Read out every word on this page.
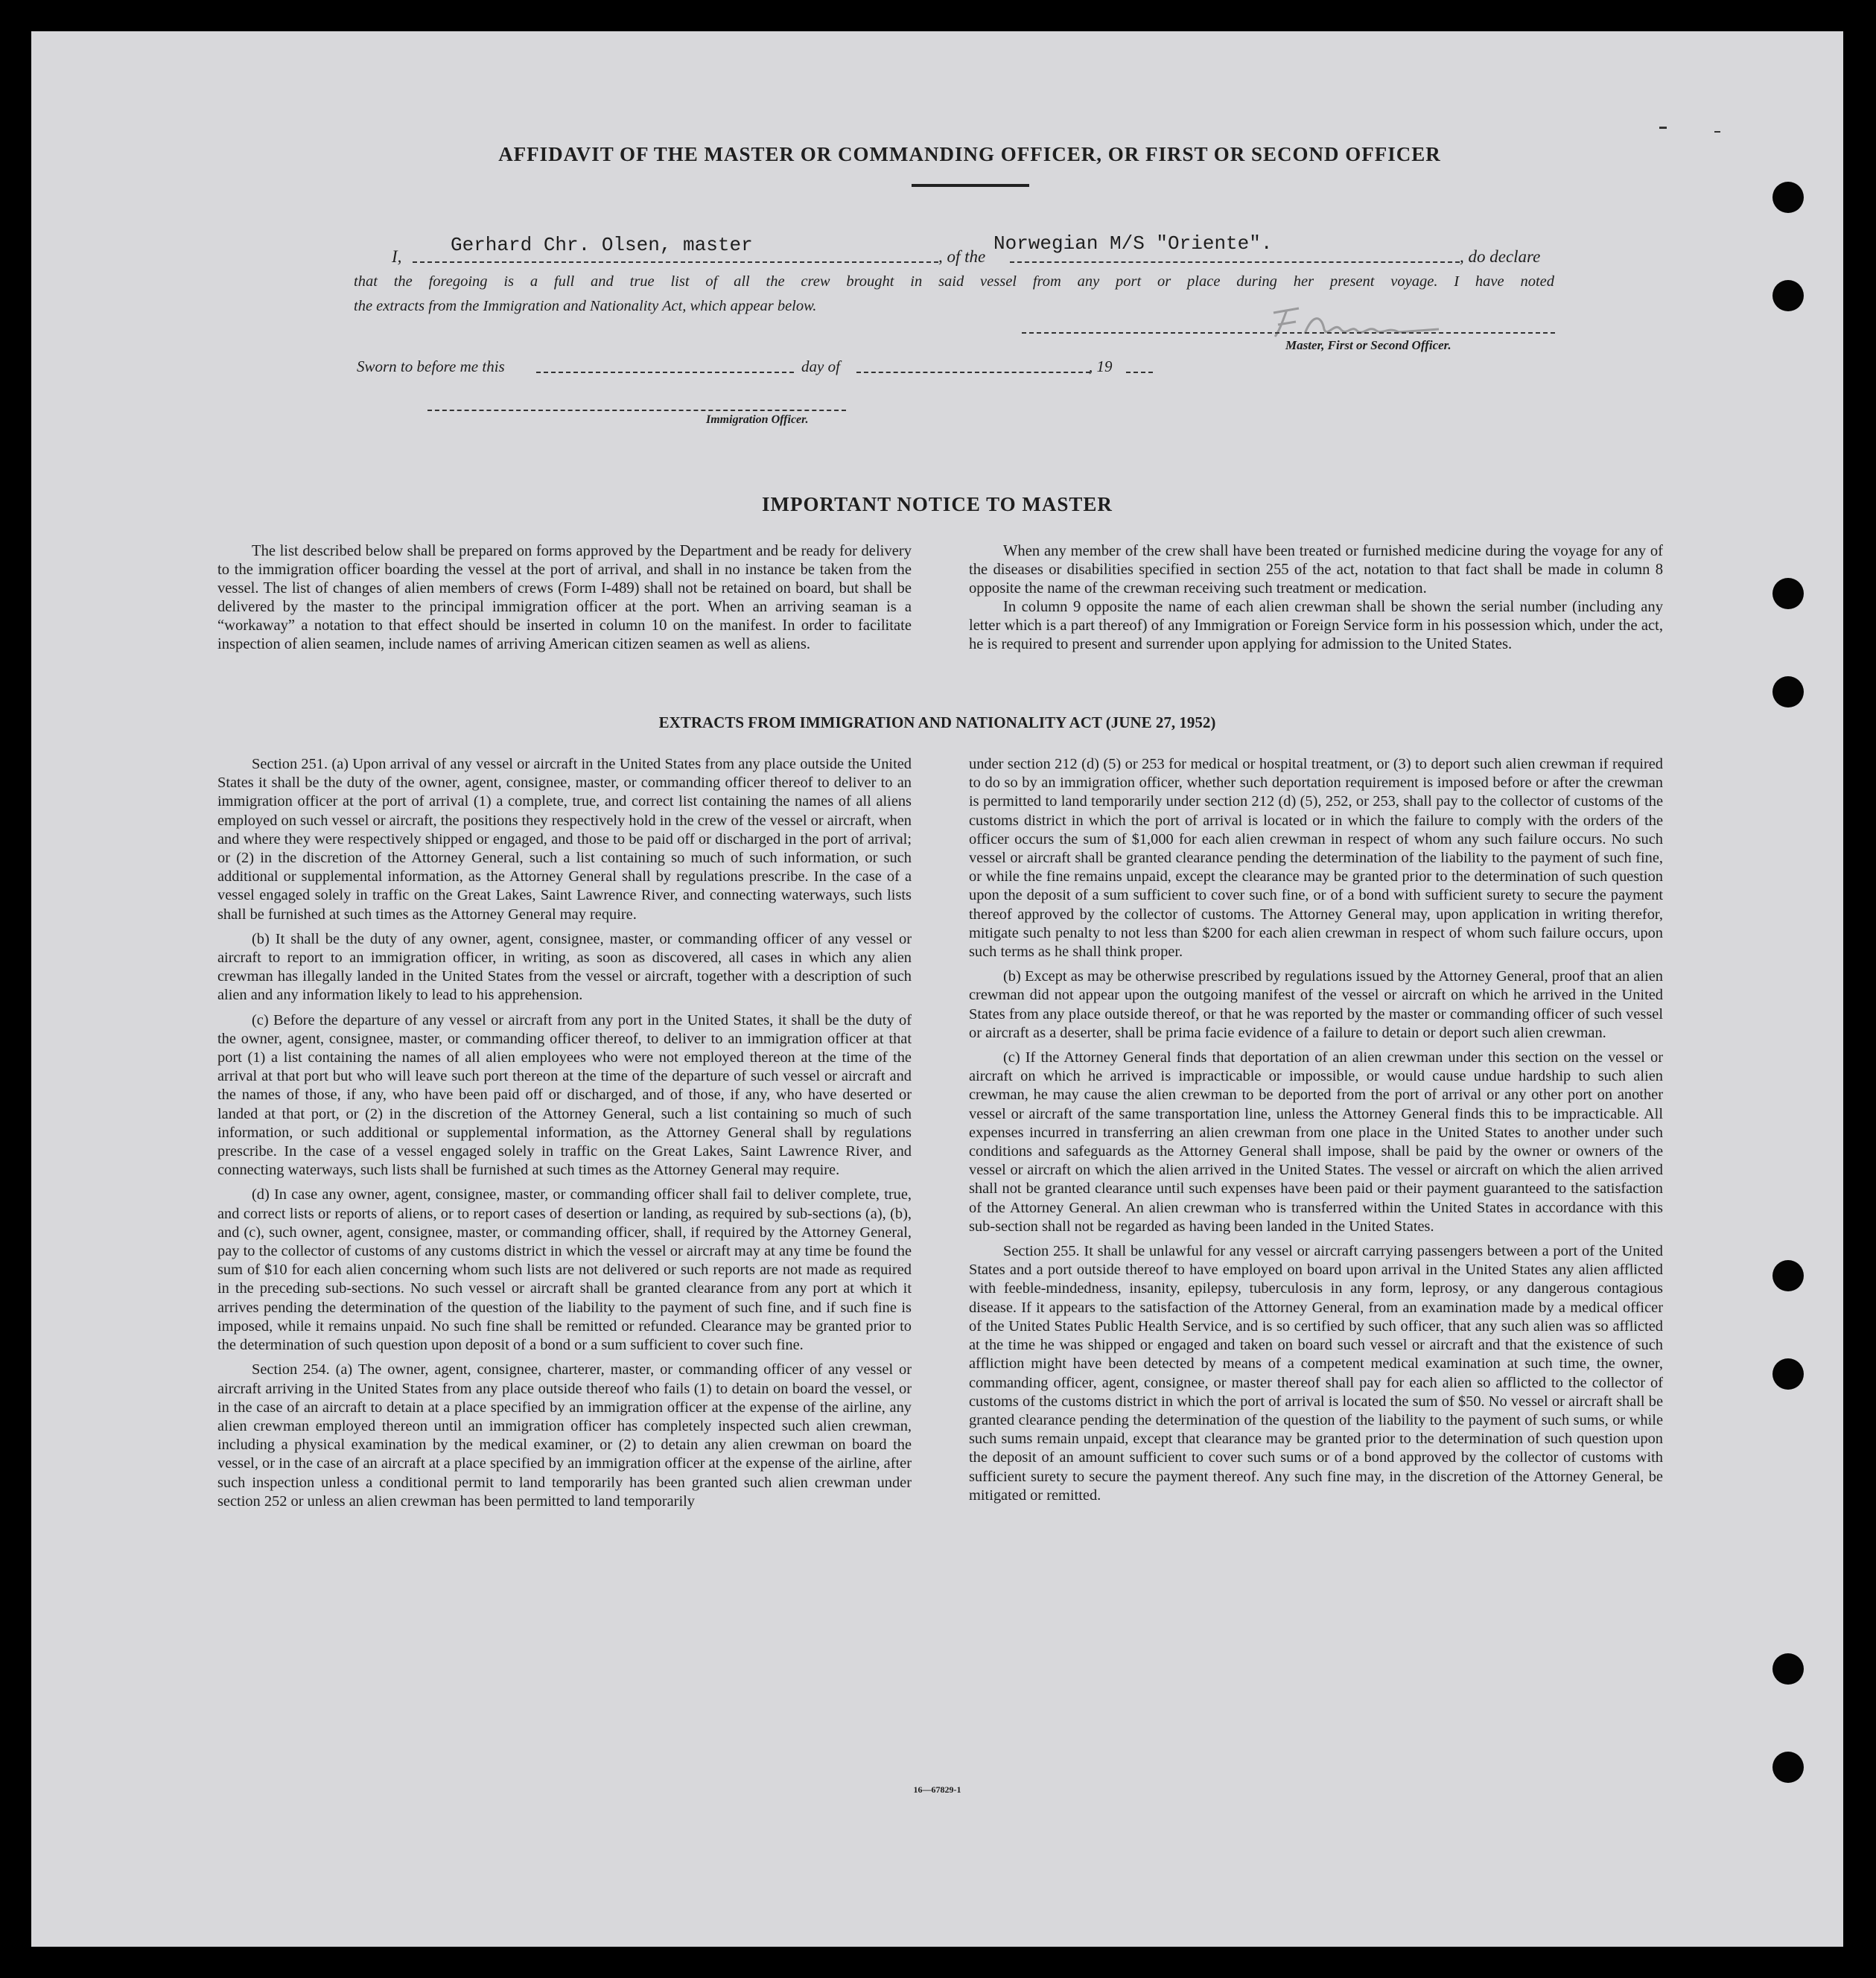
AFFIDAVIT OF THE MASTER OR COMMANDING OFFICER, OR FIRST OR SECOND OFFICER
I,
Gerhard Chr. Olsen, master
, of the
Norwegian M/S "Oriente".
, do declare
that the foregoing is a full and true list of all the crew brought in said vessel from any port or place during her present voyage. I have noted
the extracts from the Immigration and Nationality Act, which appear below.
Master, First or Second Officer.
Sworn to before me this	day of	, 19
Immigration Officer.
IMPORTANT NOTICE TO MASTER

The list described below shall be prepared on forms approved by the Department and be ready for delivery to the immigration officer boarding the vessel at the port of arrival, and shall in no instance be taken from the vessel. The list of changes of alien members of crews (Form I-489) shall not be retained on board, but shall be delivered by the master to the principal immigration officer at the port. When an arriving seaman is a “workaway” a notation to that effect should be inserted in column 10 on the manifest. In order to facilitate inspection of alien seamen, include names of arriving American citizen seamen as well as aliens.

When any member of the crew shall have been treated or furnished medicine during the voyage for any of the diseases or disabilities specified in section 255 of the act, notation to that fact shall be made in column 8 opposite the name of the crewman receiving such treatment or medication.

In column 9 opposite the name of each alien crewman shall be shown the serial number (including any letter which is a part thereof) of any Immigration or Foreign Service form in his possession which, under the act, he is required to present and surrender upon applying for admission to the United States.

EXTRACTS FROM IMMIGRATION AND NATIONALITY ACT (JUNE 27, 1952)

Section 251. (a) Upon arrival of any vessel or aircraft in the United States from any place outside the United States it shall be the duty of the owner, agent, consignee, master, or commanding officer thereof to deliver to an immigration officer at the port of arrival (1) a complete, true, and correct list containing the names of all aliens employed on such vessel or aircraft, the positions they respectively hold in the crew of the vessel or aircraft, when and where they were respectively shipped or engaged, and those to be paid off or discharged in the port of arrival; or (2) in the discretion of the Attorney General, such a list containing so much of such information, or such additional or supplemental information, as the Attorney General shall by regulations prescribe. In the case of a vessel engaged solely in traffic on the Great Lakes, Saint Lawrence River, and connecting waterways, such lists shall be furnished at such times as the Attorney General may require.

(b) It shall be the duty of any owner, agent, consignee, master, or commanding officer of any vessel or aircraft to report to an immigration officer, in writing, as soon as discovered, all cases in which any alien crewman has illegally landed in the United States from the vessel or aircraft, together with a description of such alien and any information likely to lead to his apprehension.

(c) Before the departure of any vessel or aircraft from any port in the United States, it shall be the duty of the owner, agent, consignee, master, or commanding officer thereof, to deliver to an immigration officer at that port (1) a list containing the names of all alien employees who were not employed thereon at the time of the arrival at that port but who will leave such port thereon at the time of the departure of such vessel or aircraft and the names of those, if any, who have been paid off or discharged, and of those, if any, who have deserted or landed at that port, or (2) in the discretion of the Attorney General, such a list containing so much of such information, or such additional or supplemental information, as the Attorney General shall by regulations prescribe. In the case of a vessel engaged solely in traffic on the Great Lakes, Saint Lawrence River, and connecting waterways, such lists shall be furnished at such times as the Attorney General may require.

(d) In case any owner, agent, consignee, master, or commanding officer shall fail to deliver complete, true, and correct lists or reports of aliens, or to report cases of desertion or landing, as required by sub-sections (a), (b), and (c), such owner, agent, consignee, master, or commanding officer, shall, if required by the Attorney General, pay to the collector of customs of any customs district in which the vessel or aircraft may at any time be found the sum of $10 for each alien concerning whom such lists are not delivered or such reports are not made as required in the preceding sub-sections. No such vessel or aircraft shall be granted clearance from any port at which it arrives pending the determination of the question of the liability to the payment of such fine, and if such fine is imposed, while it remains unpaid. No such fine shall be remitted or refunded. Clearance may be granted prior to the determination of such question upon deposit of a bond or a sum sufficient to cover such fine.

Section 254. (a) The owner, agent, consignee, charterer, master, or commanding officer of any vessel or aircraft arriving in the United States from any place outside thereof who fails (1) to detain on board the vessel, or in the case of an aircraft to detain at a place specified by an immigration officer at the expense of the airline, any alien crewman employed thereon until an immigration officer has completely inspected such alien crewman, including a physical examination by the medical examiner, or (2) to detain any alien crewman on board the vessel, or in the case of an aircraft at a place specified by an immigration officer at the expense of the airline, after such inspection unless a conditional permit to land temporarily has been granted such alien crewman under section 252 or unless an alien crewman has been permitted to land temporarily

under section 212 (d) (5) or 253 for medical or hospital treatment, or (3) to deport such alien crewman if required to do so by an immigration officer, whether such deportation requirement is imposed before or after the crewman is permitted to land temporarily under section 212 (d) (5), 252, or 253, shall pay to the collector of customs of the customs district in which the port of arrival is located or in which the failure to comply with the orders of the officer occurs the sum of $1,000 for each alien crewman in respect of whom any such failure occurs. No such vessel or aircraft shall be granted clearance pending the determination of the liability to the payment of such fine, or while the fine remains unpaid, except the clearance may be granted prior to the determination of such question upon the deposit of a sum sufficient to cover such fine, or of a bond with sufficient surety to secure the payment thereof approved by the collector of customs. The Attorney General may, upon application in writing therefor, mitigate such penalty to not less than $200 for each alien crewman in respect of whom such failure occurs, upon such terms as he shall think proper.

(b) Except as may be otherwise prescribed by regulations issued by the Attorney General, proof that an alien crewman did not appear upon the outgoing manifest of the vessel or aircraft on which he arrived in the United States from any place outside thereof, or that he was reported by the master or commanding officer of such vessel or aircraft as a deserter, shall be prima facie evidence of a failure to detain or deport such alien crewman.

(c) If the Attorney General finds that deportation of an alien crewman under this section on the vessel or aircraft on which he arrived is impracticable or impossible, or would cause undue hardship to such alien crewman, he may cause the alien crewman to be deported from the port of arrival or any other port on another vessel or aircraft of the same transportation line, unless the Attorney General finds this to be impracticable. All expenses incurred in transferring an alien crewman from one place in the United States to another under such conditions and safeguards as the Attorney General shall impose, shall be paid by the owner or owners of the vessel or aircraft on which the alien arrived in the United States. The vessel or aircraft on which the alien arrived shall not be granted clearance until such expenses have been paid or their payment guaranteed to the satisfaction of the Attorney General. An alien crewman who is transferred within the United States in accordance with this sub-section shall not be regarded as having been landed in the United States.

Section 255. It shall be unlawful for any vessel or aircraft carrying passengers between a port of the United States and a port outside thereof to have employed on board upon arrival in the United States any alien afflicted with feeble-mindedness, insanity, epilepsy, tuberculosis in any form, leprosy, or any dangerous contagious disease. If it appears to the satisfaction of the Attorney General, from an examination made by a medical officer of the United States Public Health Service, and is so certified by such officer, that any such alien was so afflicted at the time he was shipped or engaged and taken on board such vessel or aircraft and that the existence of such affliction might have been detected by means of a competent medical examination at such time, the owner, commanding officer, agent, consignee, or master thereof shall pay for each alien so afflicted to the collector of customs of the customs district in which the port of arrival is located the sum of $50. No vessel or aircraft shall be granted clearance pending the determination of the question of the liability to the payment of such sums, or while such sums remain unpaid, except that clearance may be granted prior to the determination of such question upon the deposit of an amount sufficient to cover such sums or of a bond approved by the collector of customs with sufficient surety to secure the payment thereof. Any such fine may, in the discretion of the Attorney General, be mitigated or remitted.

16—67829-1
